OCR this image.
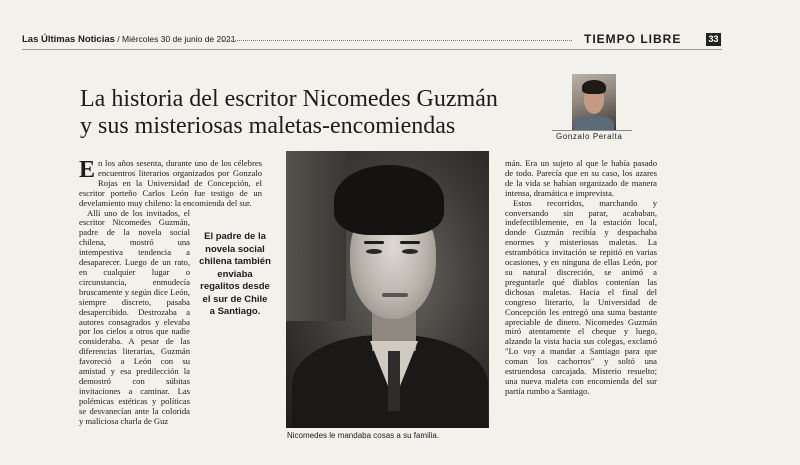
Las Últimas Noticias / Miércoles 30 de junio de 2021	TIEMPO LIBRE	33
La historia del escritor Nicomedes Guzmán
y sus misteriosas maletas-encomiendas	Gonzalo Peralta

En los años sesenta, durante uno de los célebres encuentros literarios organizados por Gonzalo Rojas en la Universidad de Concepción, el escritor porteño Carlos León fue testigo de un develamiento muy chileno: la encomienda del sur.

Allí uno de los invitados, el escritor Nicomedes Guzmán, padre de la novela social chilena, mostró una intempestiva tendencia a desaparecer. Luego de un rato, en cualquier lugar o circunstancia, enmudecía bruscamente y según dice León, siempre discreto, pasaba desapercibido. Destrozaba a autores consagrados y elevaba por los cielos a otros que nadie consideraba. A pesar de las diferencias literarias, Guzmán favoreció a León con su amistad y esa predilección la demostró con súbitas invitaciones a caminar. Las polémicas estéticas y políticas se desvanecían ante la colorida y maliciosa charla de Guz

El padre de la novela social chilena también enviaba regalitos desde el sur de Chile a Santiago.
Nicomedes le mandaba cosas a su familia.

mán. Era un sujeto al que le había pasado de todo. Parecía que en su caso, los azares de la vida se habían organizado de manera intensa, dramática e imprevista.

Estos recorridos, marchando y conversando sin parar, acababan, indefectiblemente, en la estación local, donde Guzmán recibía y despachaba enormes y misteriosas maletas. La estrambótica invitación se repitió en varias ocasiones, y en ninguna de ellas León, por su natural discreción, se animó a preguntarle qué diablos contenían las dichosas maletas. Hacia el final del congreso literario, la Universidad de Concepción les entregó una suma bastante apreciable de dinero. Nicomedes Guzmán miró atentamente el cheque y luego, alzando la vista hacia sus colegas, exclamó "Lo voy a mandar a Santiago para que coman los cachorros" y soltó una estruendosa carcajada. Misterio resuelto; una nueva maleta con encomienda del sur partía rumbo a Santiago.
